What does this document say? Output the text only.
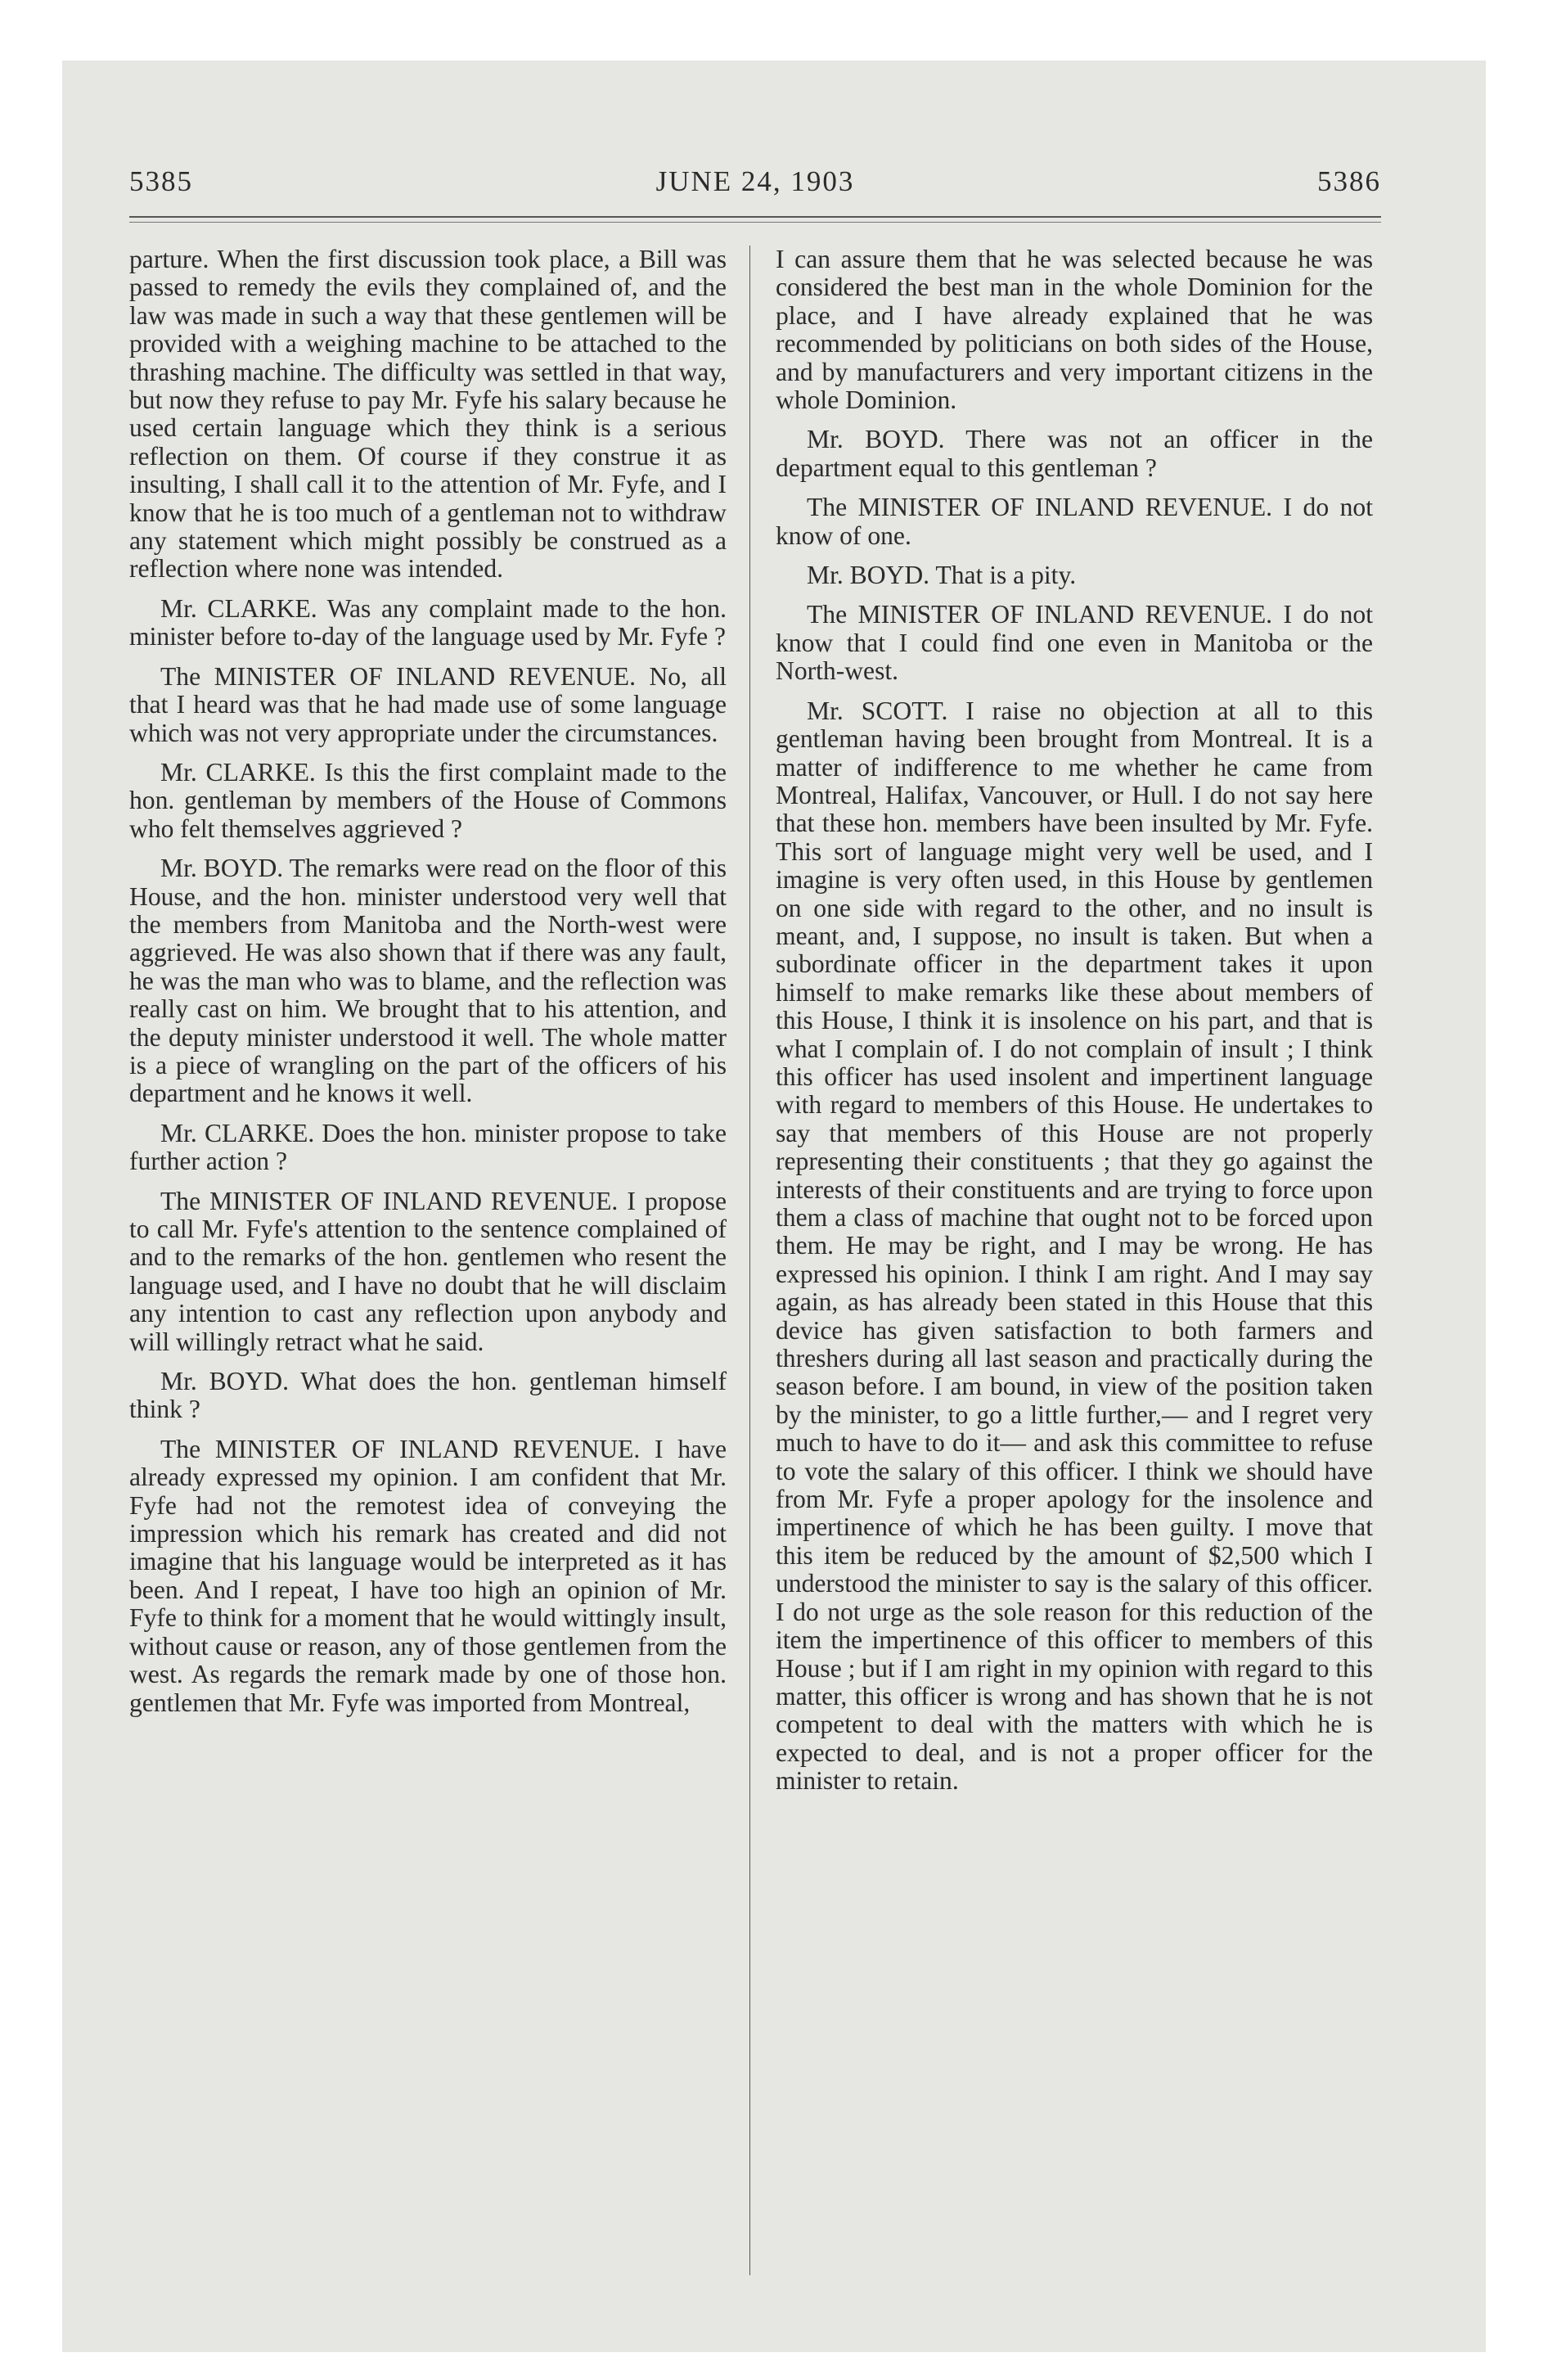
5385	JUNE 24, 1903	5386

parture. When the first discussion took place, a Bill was passed to remedy the evils they complained of, and the law was made in such a way that these gentlemen will be provided with a weighing machine to be attached to the thrashing machine. The difficulty was settled in that way, but now they refuse to pay Mr. Fyfe his salary because he used certain language which they think is a serious reflection on them. Of course if they construe it as insulting, I shall call it to the attention of Mr. Fyfe, and I know that he is too much of a gentleman not to withdraw any statement which might possibly be construed as a reflection where none was intended.

Mr. CLARKE. Was any complaint made to the hon. minister before to-day of the language used by Mr. Fyfe ?

The MINISTER OF INLAND REVENUE. No, all that I heard was that he had made use of some language which was not very appropriate under the circumstances.

Mr. CLARKE. Is this the first complaint made to the hon. gentleman by members of the House of Commons who felt themselves aggrieved ?

Mr. BOYD. The remarks were read on the floor of this House, and the hon. minister understood very well that the members from Manitoba and the North-west were aggrieved. He was also shown that if there was any fault, he was the man who was to blame, and the reflection was really cast on him. We brought that to his attention, and the deputy minister understood it well. The whole matter is a piece of wrangling on the part of the officers of his department and he knows it well.

Mr. CLARKE. Does the hon. minister propose to take further action ?

The MINISTER OF INLAND REVENUE. I propose to call Mr. Fyfe's attention to the sentence complained of and to the remarks of the hon. gentlemen who resent the language used, and I have no doubt that he will disclaim any intention to cast any reflection upon anybody and will willingly retract what he said.

Mr. BOYD. What does the hon. gentleman himself think ?

The MINISTER OF INLAND REVENUE. I have already expressed my opinion. I am confident that Mr. Fyfe had not the remotest idea of conveying the impression which his remark has created and did not imagine that his language would be interpreted as it has been. And I repeat, I have too high an opinion of Mr. Fyfe to think for a moment that he would wittingly insult, without cause or reason, any of those gentlemen from the west. As regards the remark made by one of those hon. gentlemen that Mr. Fyfe was imported from Montreal,

I can assure them that he was selected because he was considered the best man in the whole Dominion for the place, and I have already explained that he was recommended by politicians on both sides of the House, and by manufacturers and very important citizens in the whole Dominion.

Mr. BOYD. There was not an officer in the department equal to this gentleman ?

The MINISTER OF INLAND REVENUE. I do not know of one.

Mr. BOYD. That is a pity.

The MINISTER OF INLAND REVENUE. I do not know that I could find one even in Manitoba or the North-west.

Mr. SCOTT. I raise no objection at all to this gentleman having been brought from Montreal. It is a matter of indifference to me whether he came from Montreal, Halifax, Vancouver, or Hull. I do not say here that these hon. members have been insulted by Mr. Fyfe. This sort of language might very well be used, and I imagine is very often used, in this House by gentlemen on one side with regard to the other, and no insult is meant, and, I suppose, no insult is taken. But when a subordinate officer in the department takes it upon himself to make remarks like these about members of this House, I think it is insolence on his part, and that is what I complain of. I do not complain of insult ; I think this officer has used insolent and impertinent language with regard to members of this House. He undertakes to say that members of this House are not properly representing their constituents ; that they go against the interests of their constituents and are trying to force upon them a class of machine that ought not to be forced upon them. He may be right, and I may be wrong. He has expressed his opinion. I think I am right. And I may say again, as has already been stated in this House that this device has given satisfaction to both farmers and threshers during all last season and practically during the season before. I am bound, in view of the position taken by the minister, to go a little further,— and I regret very much to have to do it— and ask this committee to refuse to vote the salary of this officer. I think we should have from Mr. Fyfe a proper apology for the insolence and impertinence of which he has been guilty. I move that this item be reduced by the amount of $2,500 which I understood the minister to say is the salary of this officer. I do not urge as the sole reason for this reduction of the item the impertinence of this officer to members of this House ; but if I am right in my opinion with regard to this matter, this officer is wrong and has shown that he is not competent to deal with the matters with which he is expected to deal, and is not a proper officer for the minister to retain.
